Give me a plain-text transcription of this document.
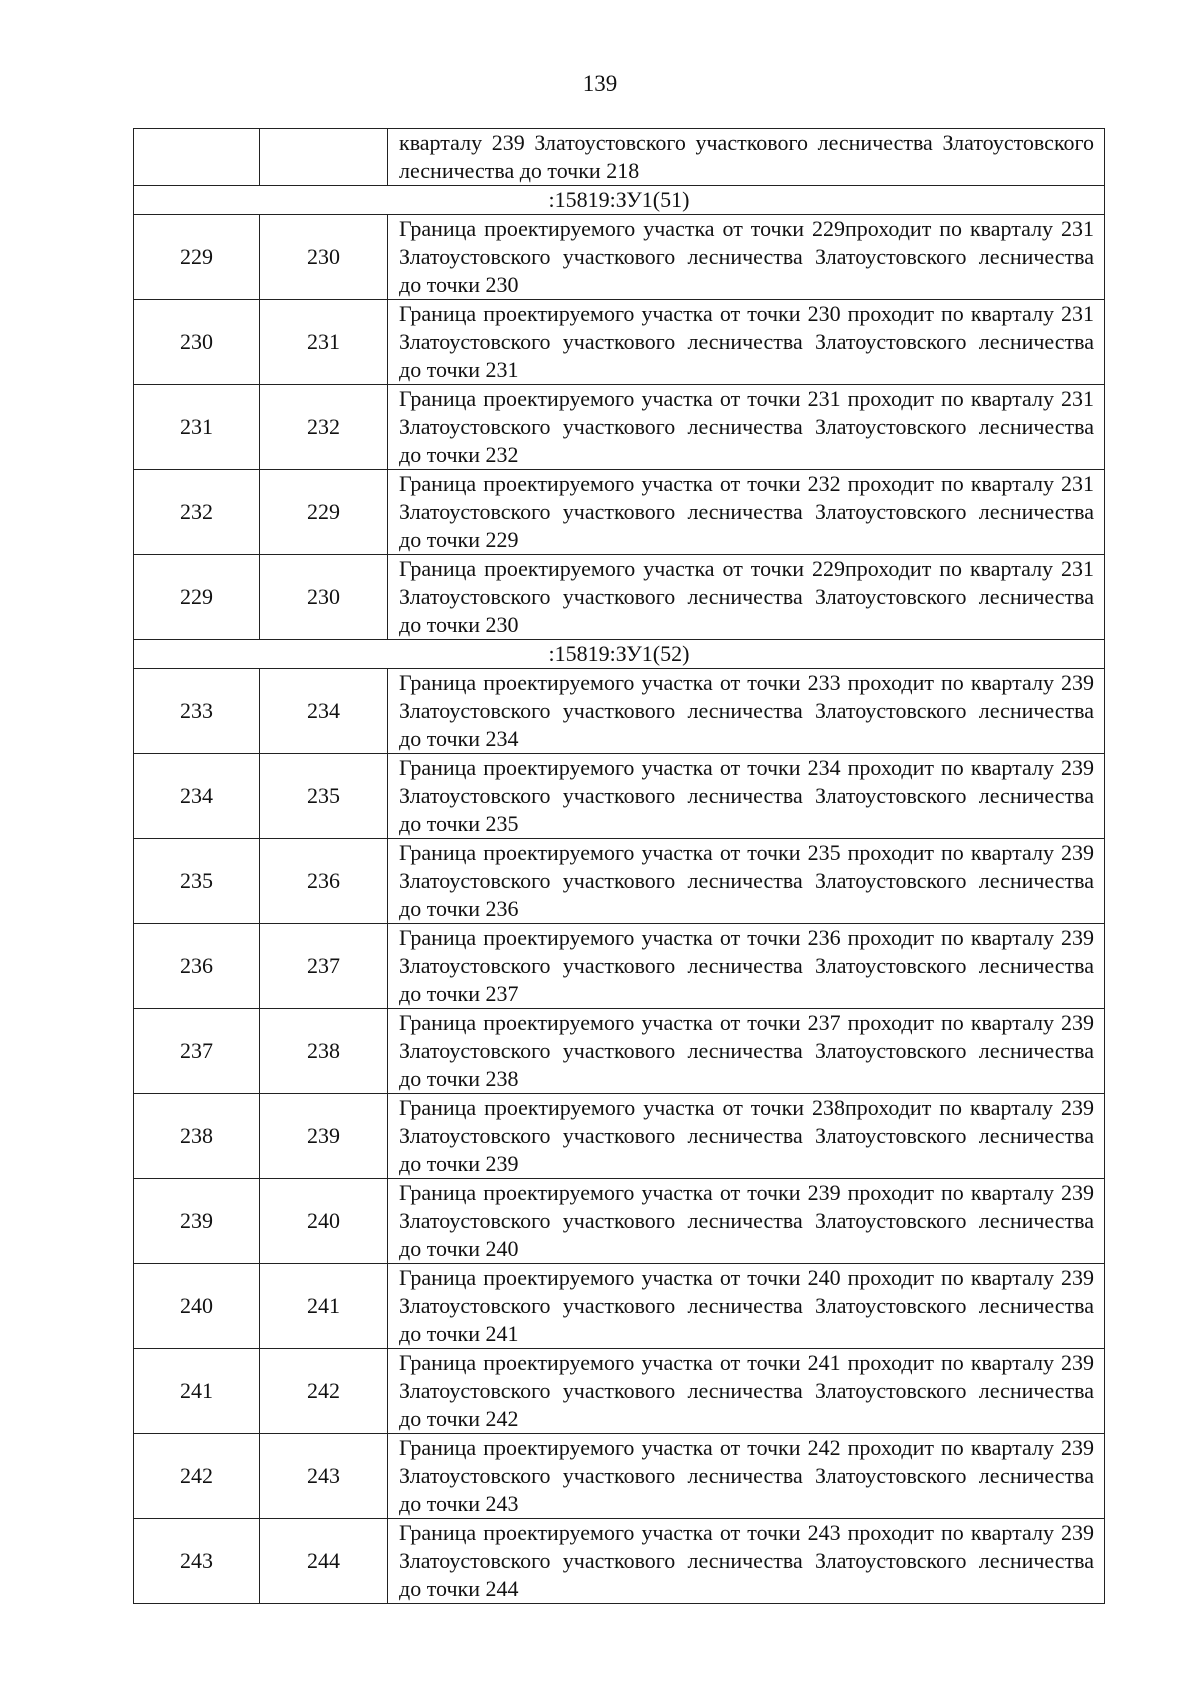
139
		кварталу 239 Златоустовского участкового лесничества Златоустовского лесничества до точки 218
:15819:ЗУ1(51)		
229	230	Граница проектируемого участка от точки 229проходит по кварталу 231 Златоустовского участкового лесничества Златоустовского лесничества до точки 230
230	231	Граница проектируемого участка от точки 230 проходит по кварталу 231 Златоустовского участкового лесничества Златоустовского лесничества до точки 231
231	232	Граница проектируемого участка от точки 231 проходит по кварталу 231 Златоустовского участкового лесничества Златоустовского лесничества до точки 232
232	229	Граница проектируемого участка от точки 232 проходит по кварталу 231 Златоустовского участкового лесничества Златоустовского лесничества до точки 229
229	230	Граница проектируемого участка от точки 229проходит по кварталу 231 Златоустовского участкового лесничества Златоустовского лесничества до точки 230
:15819:ЗУ1(52)		
233	234	Граница проектируемого участка от точки 233 проходит по кварталу 239 Златоустовского участкового лесничества Златоустовского лесничества до точки 234
234	235	Граница проектируемого участка от точки 234 проходит по кварталу 239 Златоустовского участкового лесничества Златоустовского лесничества до точки 235
235	236	Граница проектируемого участка от точки 235 проходит по кварталу 239 Златоустовского участкового лесничества Златоустовского лесничества до точки 236
236	237	Граница проектируемого участка от точки 236 проходит по кварталу 239 Златоустовского участкового лесничества Златоустовского лесничества до точки 237
237	238	Граница проектируемого участка от точки 237 проходит по кварталу 239 Златоустовского участкового лесничества Златоустовского лесничества до точки 238
238	239	Граница проектируемого участка от точки 238проходит по кварталу 239 Златоустовского участкового лесничества Златоустовского лесничества до точки 239
239	240	Граница проектируемого участка от точки 239 проходит по кварталу 239 Златоустовского участкового лесничества Златоустовского лесничества до точки 240
240	241	Граница проектируемого участка от точки 240 проходит по кварталу 239 Златоустовского участкового лесничества Златоустовского лесничества до точки 241
241	242	Граница проектируемого участка от точки 241 проходит по кварталу 239 Златоустовского участкового лесничества Златоустовского лесничества до точки 242
242	243	Граница проектируемого участка от точки 242 проходит по кварталу 239 Златоустовского участкового лесничества Златоустовского лесничества до точки 243
243	244	Граница проектируемого участка от точки 243 проходит по кварталу 239 Златоустовского участкового лесничества Златоустовского лесничества до точки 244
